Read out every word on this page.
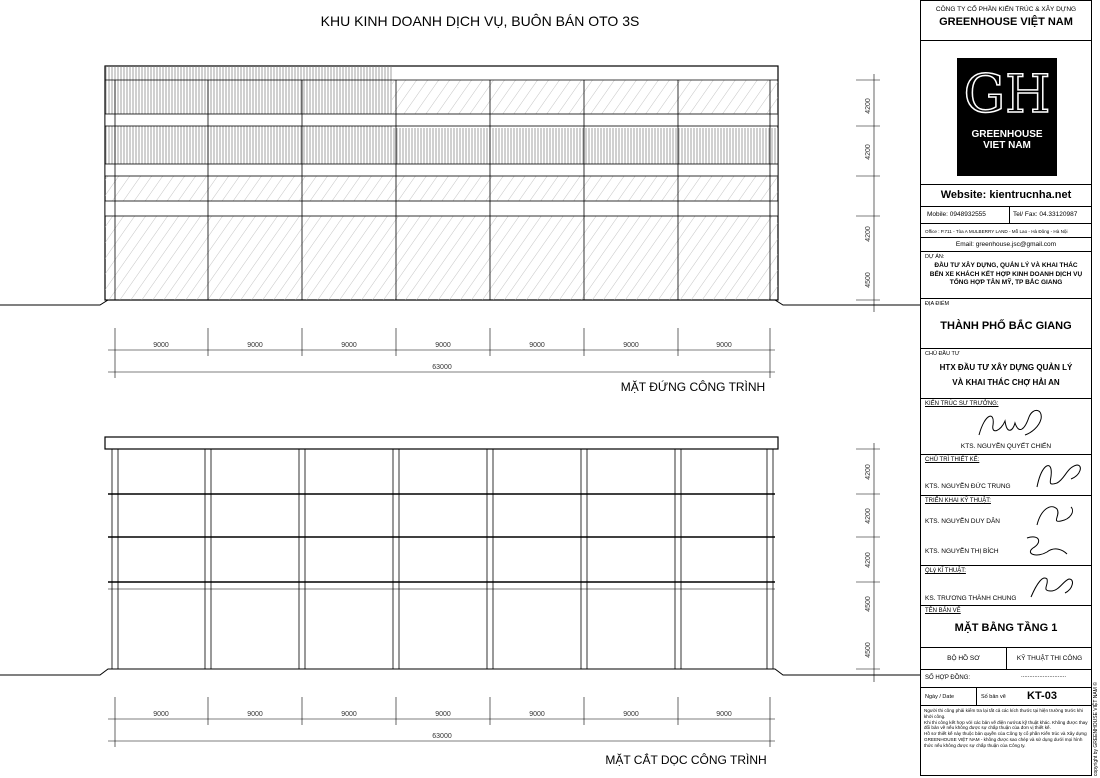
KHU KINH DOANH DỊCH VỤ, BUÔN BÁN OTO 3S
4200
4200
4200
4500
9000	9000	9000	9000	9000	9000	9000
63000
MẶT ĐỨNG CÔNG TRÌNH
4200
4200
4200
4500
4500
9000	9000	9000	9000	9000	9000	9000
63000
MẶT CẮT DỌC CÔNG TRÌNH
CÔNG TY CỔ PHẦN KIẾN TRÚC & XÂY DỰNG
GREENHOUSE VIỆT NAM
GH
GREENHOUSE
VIET NAM
Website: kientrucnha.net
Mobile: 0948932555	Tel/ Fax: 04.33120987
Office : P.711 - Tòa A MULBERRY LAND - Mỗ Lao - Hà Đông - Hà Nội
Email: greenhouse.jsc@gmail.com
DỰ ÁN:
ĐẦU TƯ XÂY DỰNG, QUẢN LÝ VÀ KHAI THÁC BẾN XE KHÁCH KẾT HỢP KINH DOANH DỊCH VỤ TỔNG HỢP TÂN MỸ, TP BẮC GIANG
ĐỊA ĐIỂM
THÀNH PHỐ BẮC GIANG
CHỦ ĐẦU TƯ
HTX ĐẦU TƯ XÂY DỰNG QUẢN LÝ
VÀ KHAI THÁC CHỢ HẢI AN
KIẾN TRÚC SƯ TRƯỞNG:
KTS. NGUYỄN QUYẾT CHIẾN
CHỦ TRÌ THIẾT KẾ:
KTS. NGUYỄN ĐỨC TRUNG
TRIỂN KHAI KỸ THUẬT:
KTS. NGUYỄN DUY DÂN
KTS. NGUYỄN THỊ BÍCH
QLý KĨ THUẬT:
KS. TRƯƠNG THÀNH CHUNG
TÊN BẢN VẼ
MẶT BẰNG TẦNG 1
BỘ HỒ SƠ	KỸ THUẬT THI CÔNG
SỐ HỢP ĐỒNG:	...........................
Ngày / Date	Số bản vẽ KT-03
Người thi công phải kiểm tra lại tất cả các kích thước tại hiện trường trước khi khởi công.
Khi thi công kết hợp với các bản vẽ điện nước& kỹ thuật khác. Không được thay đổi bản vẽ nếu không được sự chấp thuận của đơn vị thiết kế.
Hồ sơ thiết kế này thuộc bản quyền của Công ty cổ phần Kiến trúc và Xây dựng GREENHOUSE VIỆT NAM - không được sao chép và sử dụng dưới mọi hình thức nếu không được sự chấp thuận của Công ty.	copyright by GREENHOUSE VIỆT NAM ©
